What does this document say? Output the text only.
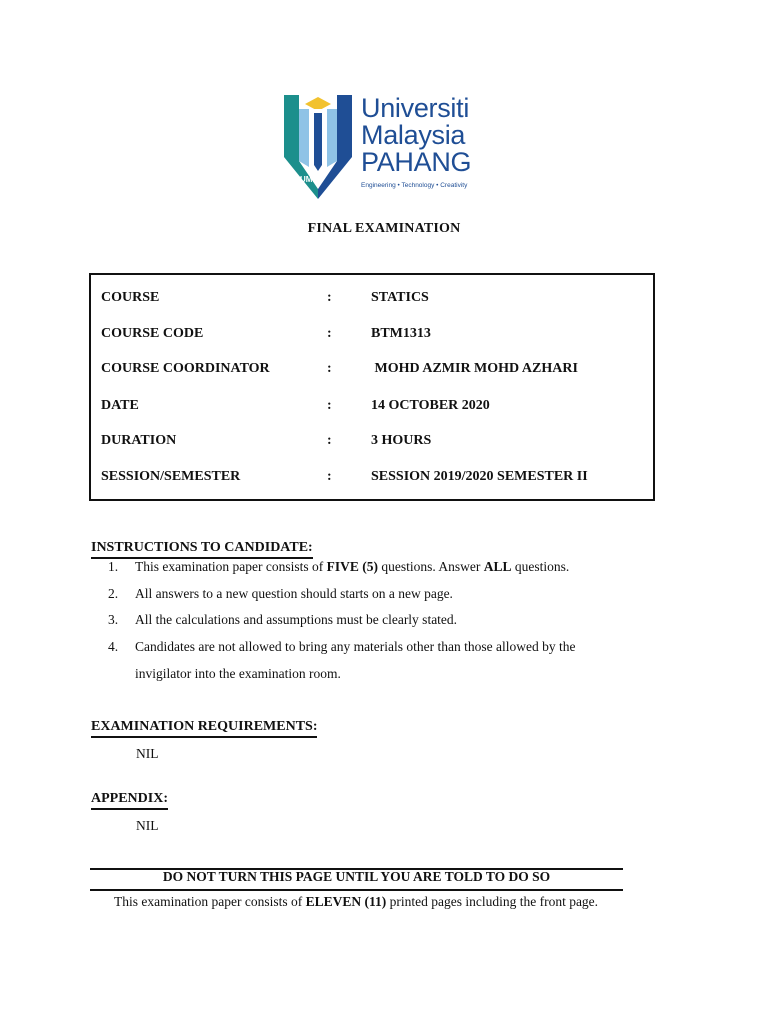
UMP
Universiti
Malaysia
PAHANG
Engineering • Technology • Creativity
FINAL EXAMINATION
COURSE	:	STATICS
COURSE CODE	:	BTM1313
COURSE COORDINATOR	:	MOHD AZMIR MOHD AZHARI
DATE	:	14 OCTOBER 2020
DURATION	:	3 HOURS
SESSION/SEMESTER	:	SESSION 2019/2020 SEMESTER II
INSTRUCTIONS TO CANDIDATE:
1. This examination paper consists of FIVE (5) questions. Answer ALL questions.
2. All answers to a new question should starts on a new page.
3. All the calculations and assumptions must be clearly stated.
4. Candidates are not allowed to bring any materials other than those allowed by the
invigilator into the examination room.
EXAMINATION REQUIREMENTS:
NIL
APPENDIX:
NIL
DO NOT TURN THIS PAGE UNTIL YOU ARE TOLD TO DO SO
This examination paper consists of ELEVEN (11) printed pages including the front page.
